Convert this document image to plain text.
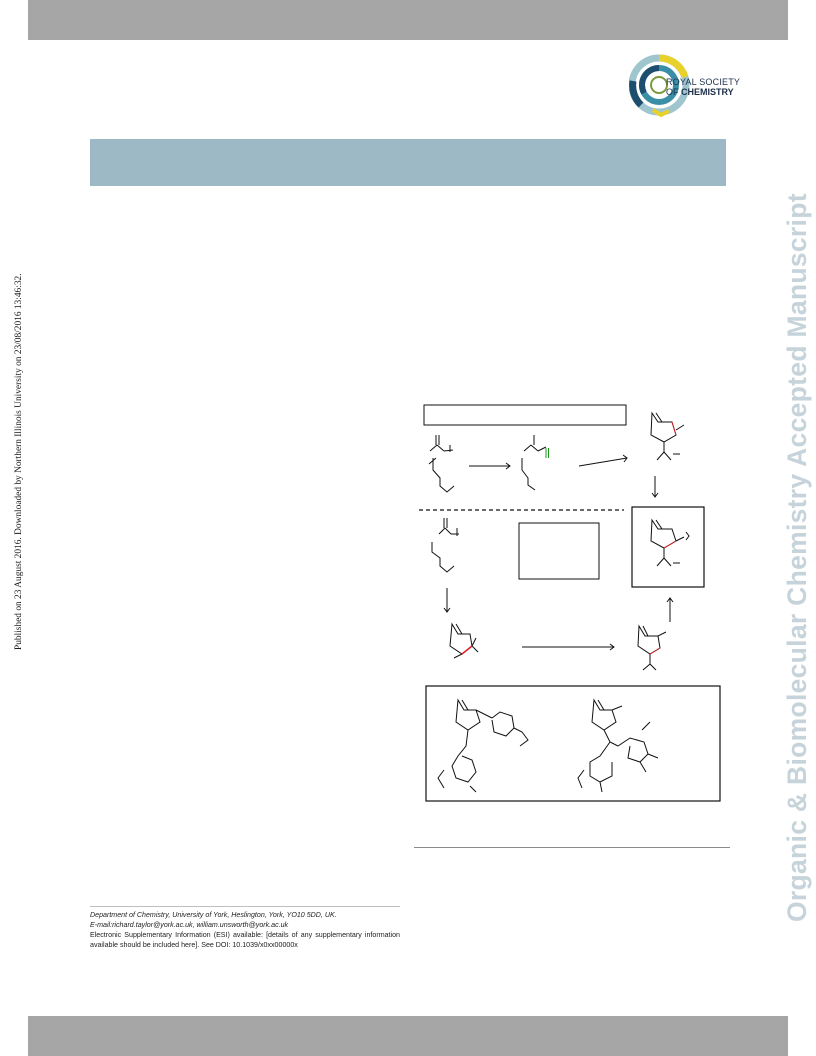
ROYAL SOCIETY
OF CHEMISTRY
Published on 23 August 2016. Downloaded by Northern Illinois University on 23/08/2016 13:46:32.	Organic & Biomolecular Chemistry Accepted Manuscript
Department of Chemistry, University of York, Heslington, York, YO10 5DD, UK.
E-mail:richard.taylor@york.ac.uk, william.unsworth@york.ac.uk
Electronic Supplementary Information (ESI) available: [details of any supplementary information available should be included here]. See DOI: 10.1039/x0xx00000x
